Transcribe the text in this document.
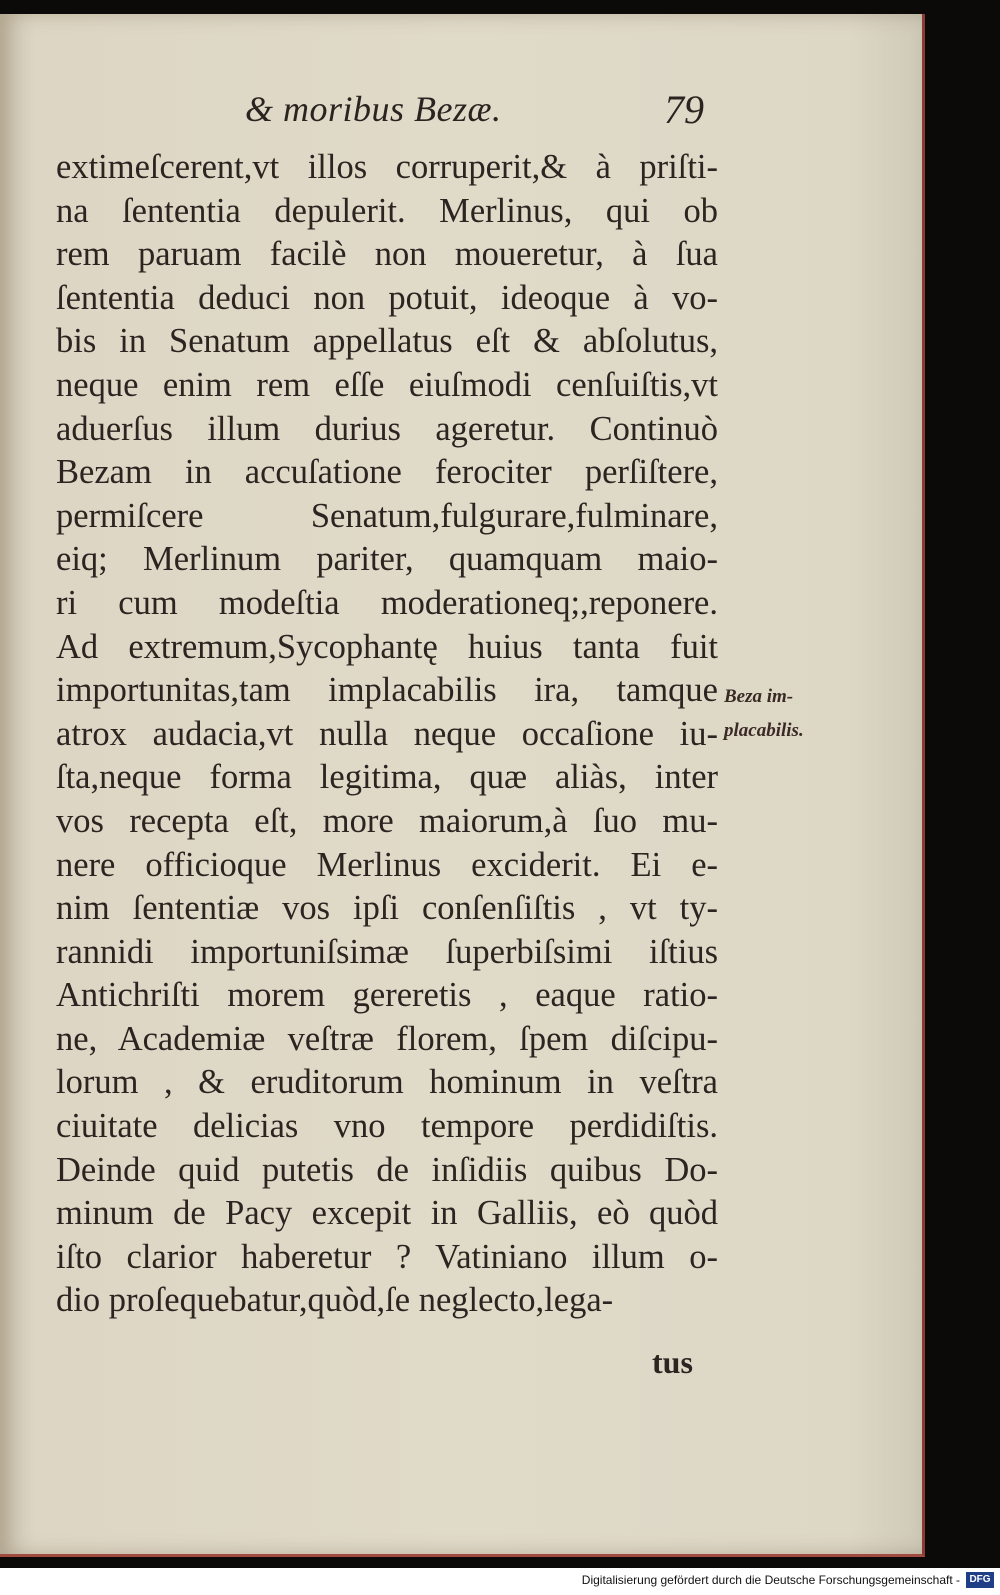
& moribus Bezæ.	79
extimeſcerent,vt illos corruperit,& à priſti-
na ſententia depulerit. Merlinus, qui ob
rem paruam facilè non moueretur, à ſua
ſententia deduci non potuit, ideoque à vo-
bis in Senatum appellatus eſt & abſolutus,
neque enim rem eſſe eiuſmodi cenſuiſtis,vt
aduerſus illum durius ageretur. Continuò
Bezam in accuſatione ferociter perſiſtere,
permiſcere Senatum,fulgurare,fulminare,
eiq; Merlinum pariter, quamquam maio-
ri cum modeſtia moderationeq;,reponere.
Ad extremum,Sycophantę huius tanta fuit
importunitas,tam implacabilis ira, tamque
atrox audacia,vt nulla neque occaſione iu-
ſta,neque forma legitima, quæ aliàs, inter
vos recepta eſt, more maiorum,à ſuo mu-
nere officioque Merlinus exciderit. Ei e-
nim ſententiæ vos ipſi conſenſiſtis , vt ty-
rannidi importuniſsimæ ſuperbiſsimi iſtius
Antichriſti morem gereretis , eaque ratio-
ne, Academiæ veſtræ florem, ſpem diſcipu-
lorum , & eruditorum hominum in veſtra
ciuitate delicias vno tempore perdidiſtis.
Deinde quid putetis de inſidiis quibus Do-
minum de Pacy excepit in Galliis, eò quòd
iſto clarior haberetur ? Vatiniano illum o-
dio proſequebatur,quòd,ſe neglecto,lega-
tus
Beza im-
placabilis.
Digitalisierung gefördert durch die Deutsche Forschungsgemeinschaft - DFG
